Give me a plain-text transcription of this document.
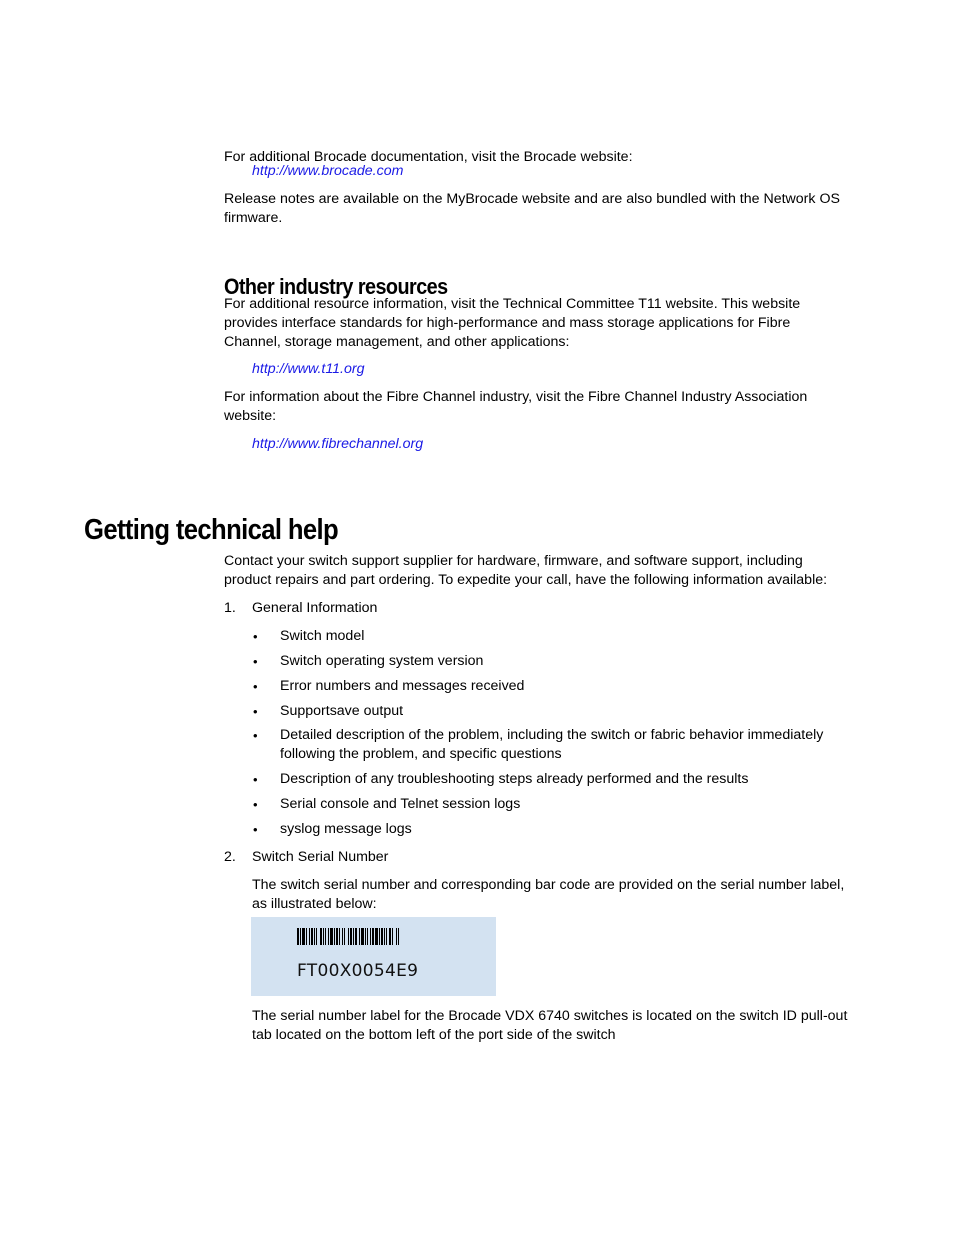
For additional Brocade documentation, visit the Brocade website:

http://www.brocade.com
Release notes are available on the MyBrocade website and are also bundled with the Network OS
firmware.
Other industry resources
For additional resource information, visit the Technical Committee T11 website. This website
provides interface standards for high-performance and mass storage applications for Fibre
Channel, storage management, and other applications:
http://www.t11.org
For information about the Fibre Channel industry, visit the Fibre Channel Industry Association
website:
http://www.fibrechannel.org
Getting technical help
Contact your switch support supplier for hardware, firmware, and software support, including
product repairs and part ordering. To expedite your call, have the following information available:
1. General Information
• Switch model
• Switch operating system version
• Error numbers and messages received
• Supportsave output
• Detailed description of the problem, including the switch or fabric behavior immediately
following the problem, and specific questions
• Description of any troubleshooting steps already performed and the results
• Serial console and Telnet session logs
• syslog message logs
2. Switch Serial Number
The switch serial number and corresponding bar code are provided on the serial number label,
as illustrated below:
FT00X0054E9
The serial number label for the Brocade VDX 6740 switches is located on the switch ID pull-out
tab located on the bottom left of the port side of the switch
